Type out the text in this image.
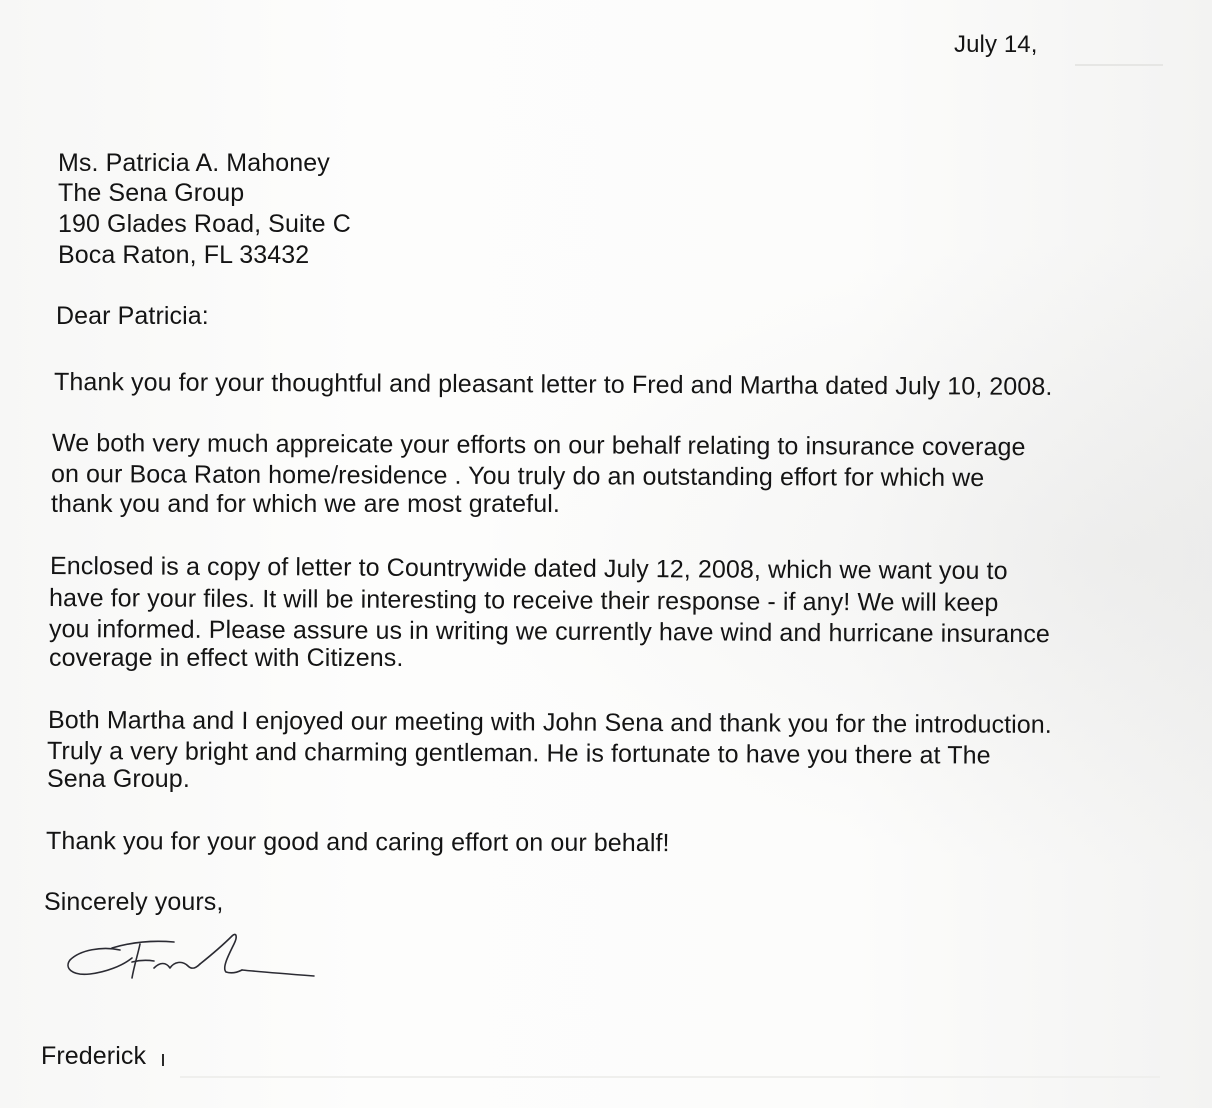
July 14,
Ms. Patricia A. Mahoney
The Sena Group
190 Glades Road, Suite C
Boca Raton, FL 33432
Dear Patricia:
Thank you for your thoughtful and pleasant letter to Fred and Martha dated July 10, 2008.
We both very much appreicate your efforts on our behalf relating to insurance coverage
on our Boca Raton home/residence . You truly do an outstanding effort for which we
thank you and for which we are most grateful.
Enclosed is a copy of letter to Countrywide dated July 12, 2008, which we want you to
have for your files. It will be interesting to receive their response - if any! We will keep
you informed. Please assure us in writing we currently have wind and hurricane insurance
coverage in effect with Citizens.
Both Martha and I enjoyed our meeting with John Sena and thank you for the introduction.
Truly a very bright and charming gentleman. He is fortunate to have you there at The
Sena Group.
Thank you for your good and caring effort on our behalf!
Sincerely yours,
Frederick
